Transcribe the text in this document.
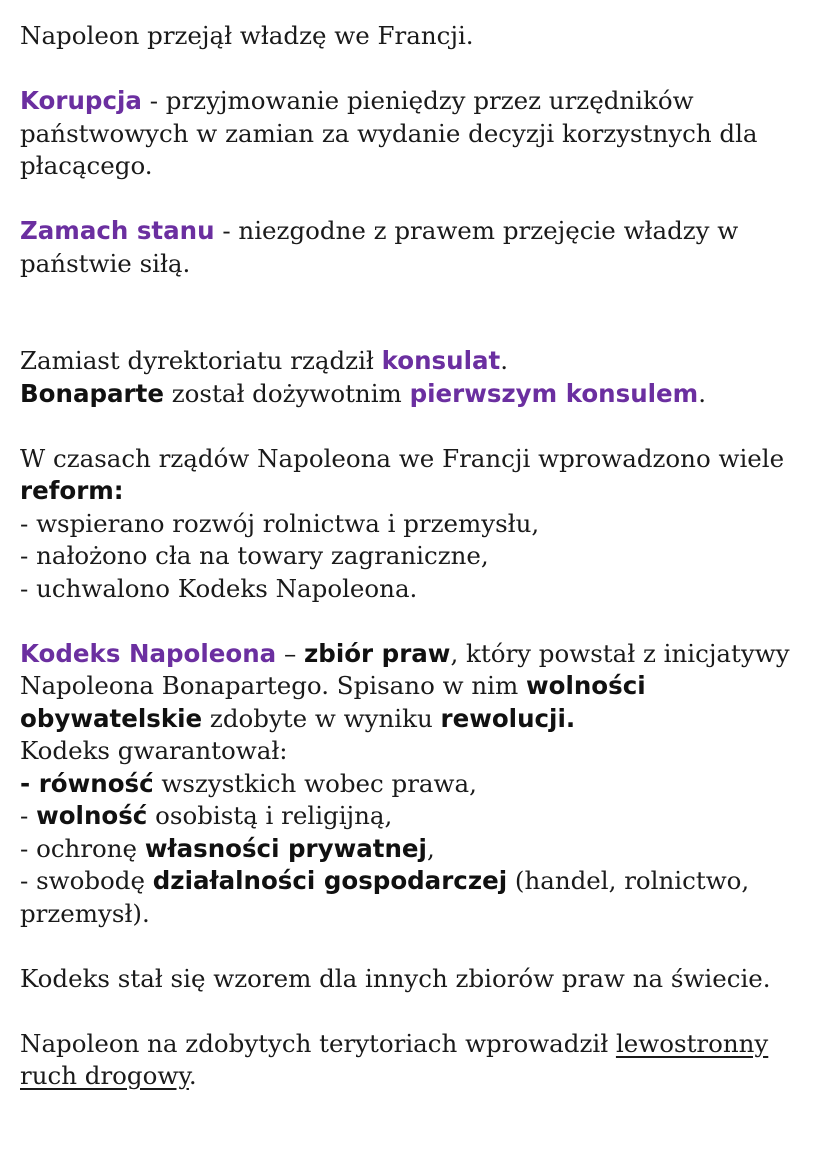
Napoleon przejął władzę we Francji.

Korupcja - przyjmowanie pieniędzy przez urzędników państwowych w zamian za wydanie decyzji korzystnych dla płacącego.

Zamach stanu - niezgodne z prawem przejęcie władzy w państwie siłą.

Zamiast dyrektoriatu rządził konsulat.
Bonaparte został dożywotnim pierwszym konsulem.

W czasach rządów Napoleona we Francji wprowadzono wiele reform:
- wspierano rozwój rolnictwa i przemysłu,
- nałożono cła na towary zagraniczne,
- uchwalono Kodeks Napoleona.

Kodeks Napoleona – zbiór praw, który powstał z inicjatywy Napoleona Bonapartego. Spisano w nim wolności obywatelskie zdobyte w wyniku rewolucji.
Kodeks gwarantował:
- równość wszystkich wobec prawa,
- wolność osobistą i religijną,
- ochronę własności prywatnej,
- swobodę działalności gospodarczej (handel, rolnictwo, przemysł).

Kodeks stał się wzorem dla innych zbiorów praw na świecie.

Napoleon na zdobytych terytoriach wprowadził lewostronny ruch drogowy.
